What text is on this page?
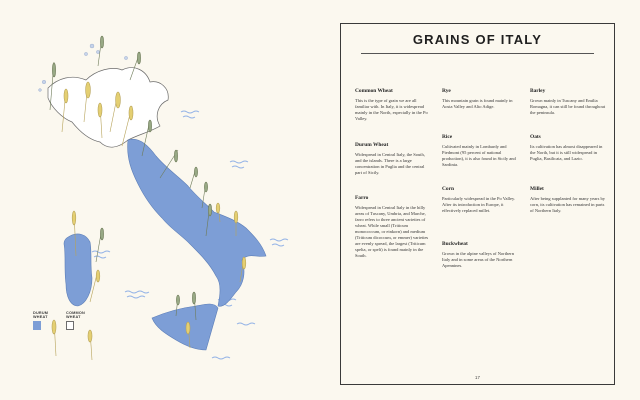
DURUM WHEAT
COMMON WHEAT
GRAINS OF ITALY
Common Wheat

This is the type of grain we are all familiar with. In Italy, it is widespread mainly in the North, especially in the Po Valley.

Durum Wheat

Widespread in Central Italy, the South, and the islands. There is a large concentration in Puglia and the central part of Sicily.

Farro

Widespread in Central Italy in the hilly areas of Tuscany, Umbria, and Marche, farro refers to three ancient varieties of wheat. While small (Triticum monococcum, or einkorn) and medium (Triticum dicoccum, or emmer) varieties are evenly spread, the largest (Triticum spelta, or spelt) is found mainly in the South.

Rye

This mountain grain is found mainly in Aosta Valley and Alto Adige.

Rice

Cultivated mainly in Lombardy and Piedmont (95 percent of national production), it is also found in Sicily and Sardinia.

Corn

Particularly widespread in the Po Valley. After its introduction in Europe, it effectively replaced millet.

Buckwheat

Grown in the alpine valleys of Northern Italy and in some areas of the Northern Apennines.

Barley

Grown mainly in Tuscany and Emilia Romagna, it can still be found throughout the peninsula.

Oats

Its cultivation has almost disappeared in the North, but it is still widespread in Puglia, Basilicata, and Lazio.

Millet

After being supplanted for many years by corn, its cultivation has remained in parts of Northern Italy.

17
